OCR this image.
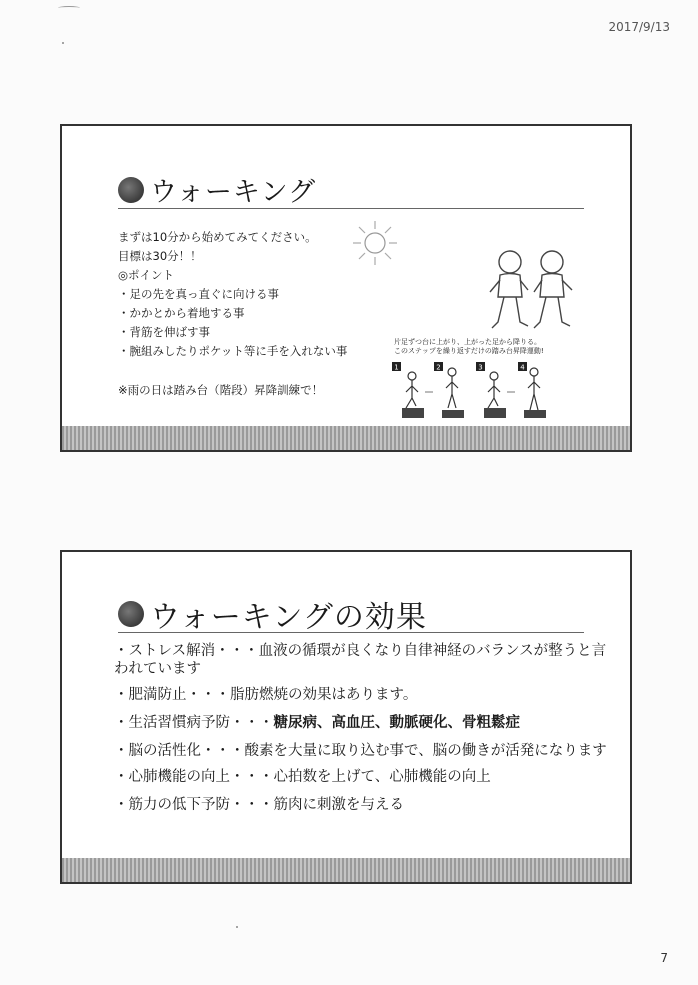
2017/9/13
ウォーキング
まずは10分から始めてみてください。
目標は30分！！
◎ポイント
・足の先を真っ直ぐに向ける事
・かかとから着地する事
・背筋を伸ばす事
・腕組みしたりポケット等に手を入れない事
※雨の日は踏み台（階段）昇降訓練で！
片足ずつ台に上がり、上がった足から降りる。
このステップを繰り返すだけの踏み台昇降運動!
1	2	3	4
ウォーキングの効果
・ストレス解消・・・血液の循環が良くなり自律神経のバランスが整うと言われています
・肥満防止・・・脂肪燃焼の効果はあります。
・生活習慣病予防・・・糖尿病、高血圧、動脈硬化、骨粗鬆症
・脳の活性化・・・酸素を大量に取り込む事で、脳の働きが活発になります
・心肺機能の向上・・・心拍数を上げて、心肺機能の向上
・筋力の低下予防・・・筋肉に刺激を与える
7
